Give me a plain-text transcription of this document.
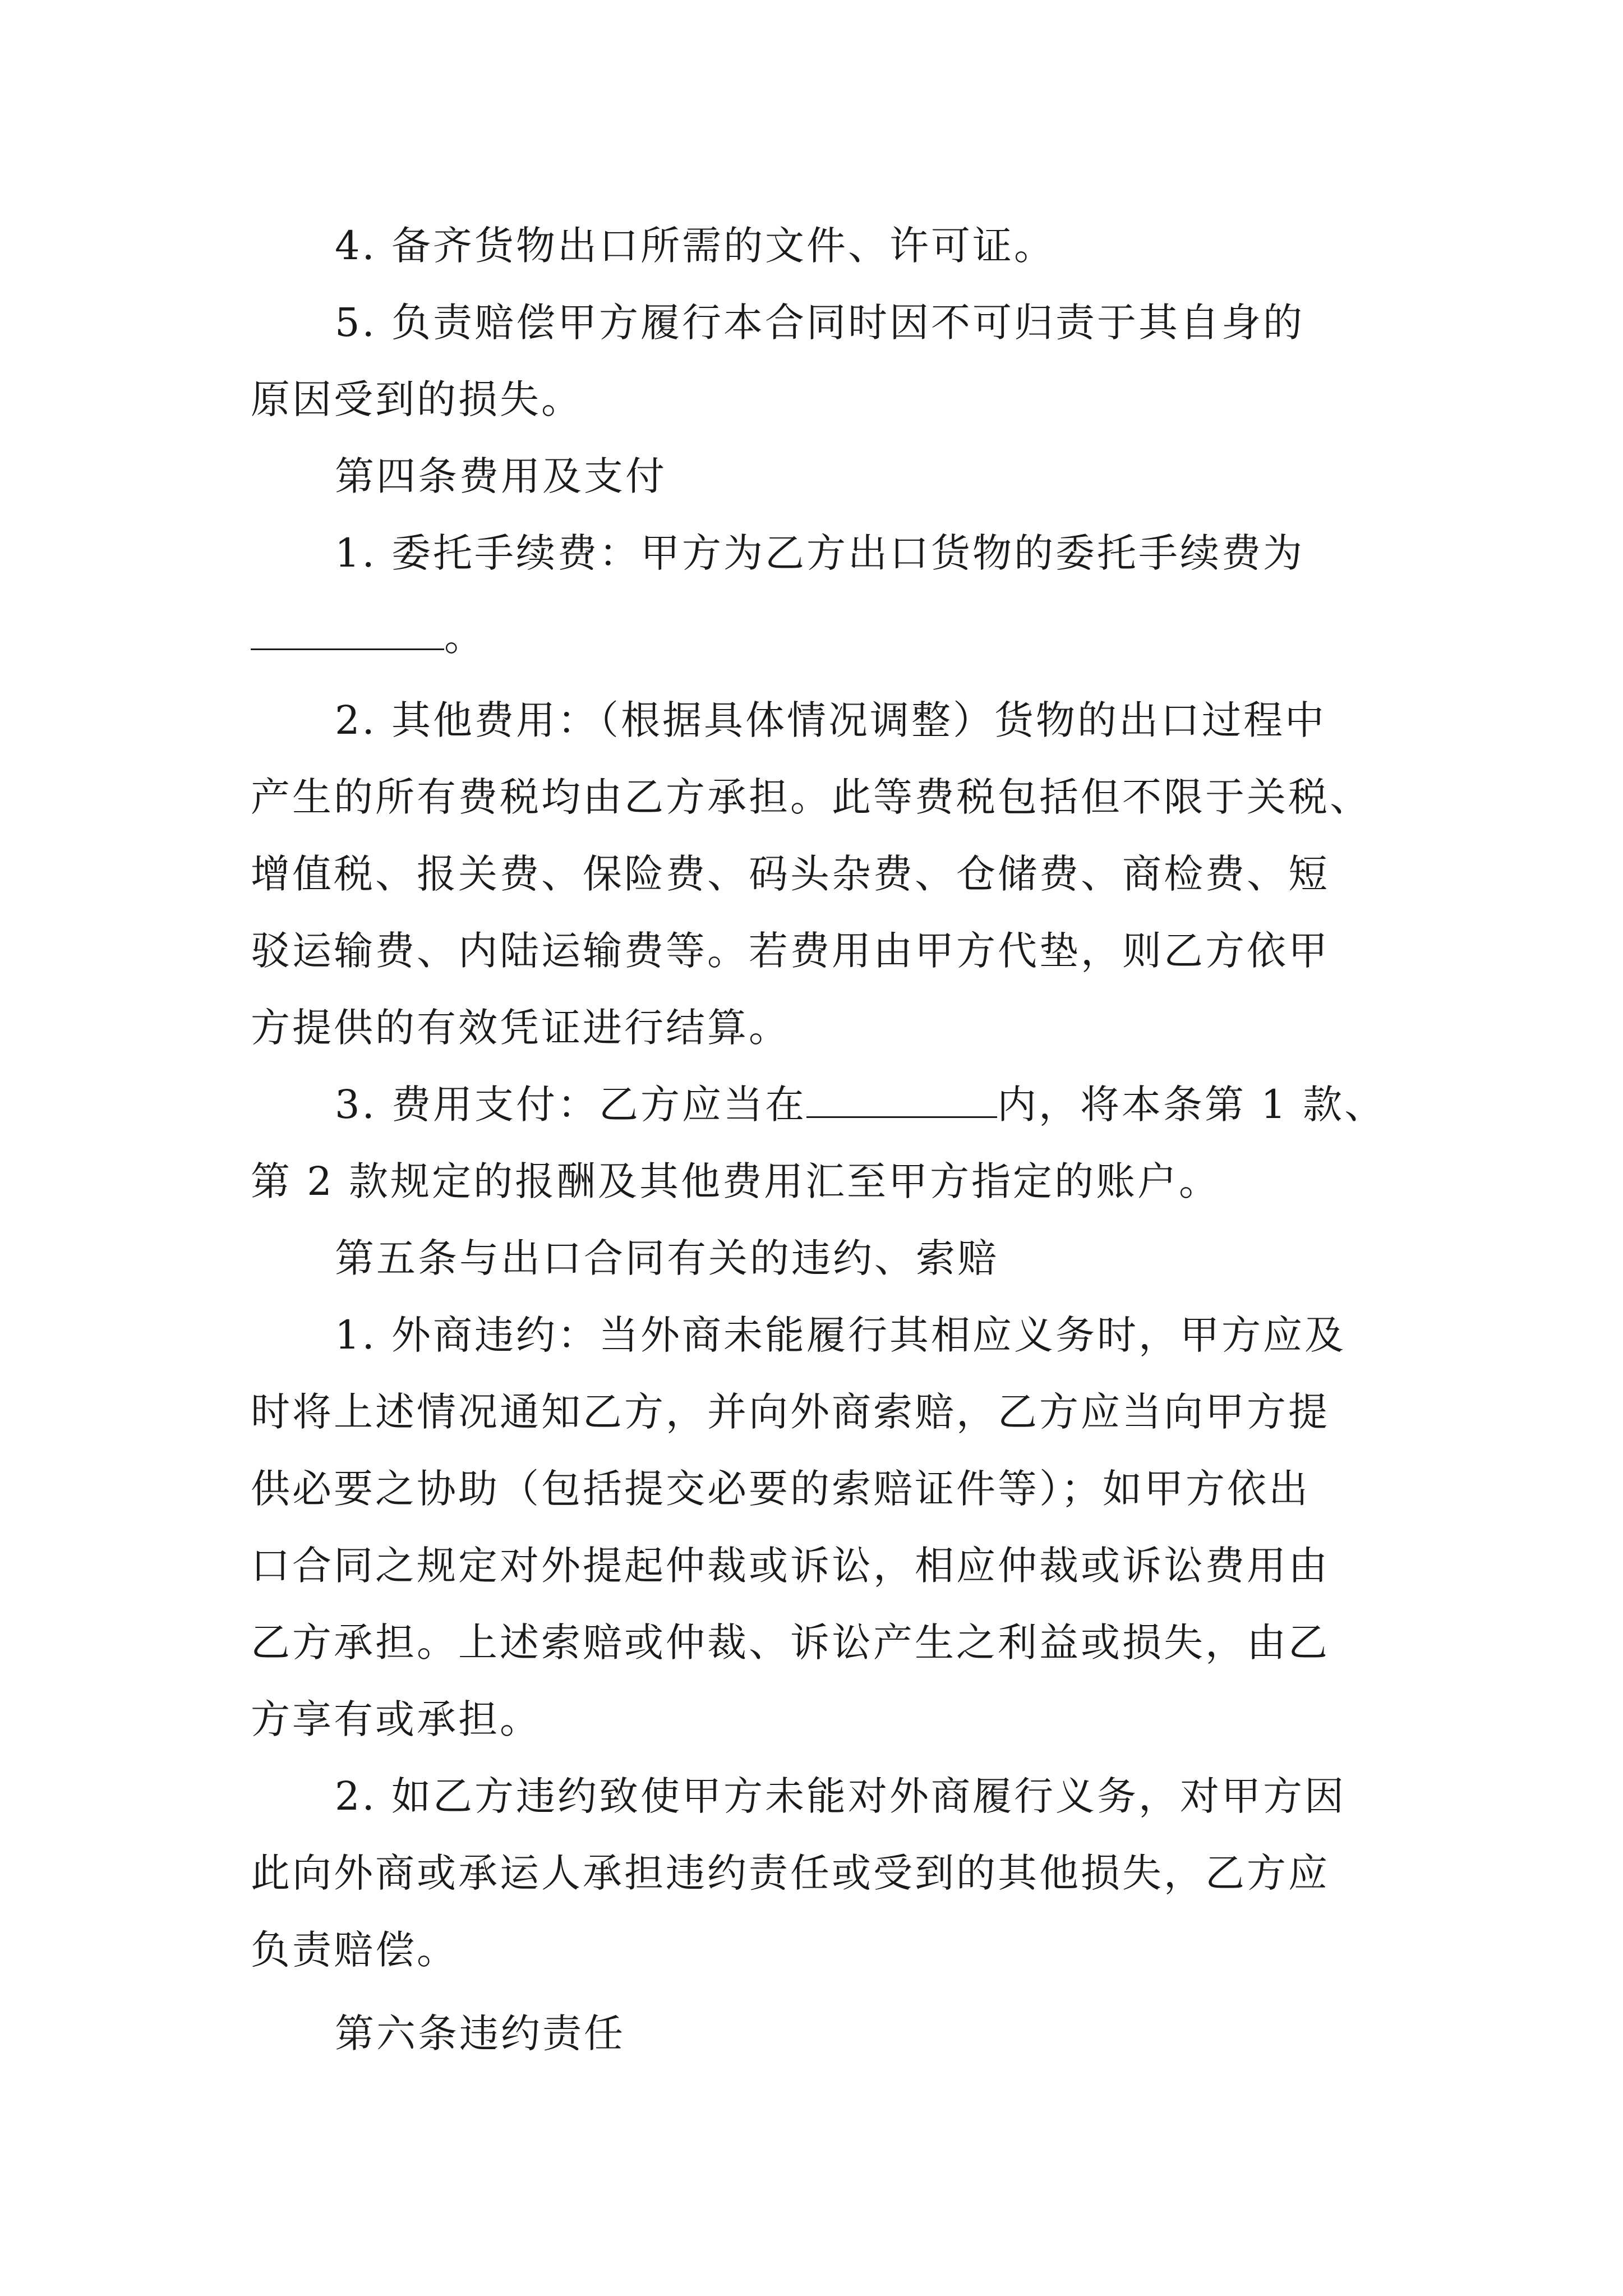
4. 备齐货物出口所需的文件、许可证。

5. 负责赔偿甲方履行本合同时因不可归责于其自身的

原因受到的损失。

第四条费用及支付

1. 委托手续费：甲方为乙方出口货物的委托手续费为

。

2. 其他费用：（根据具体情况调整）货物的出口过程中

产生的所有费税均由乙方承担。此等费税包括但不限于关税、

增值税、报关费、保险费、码头杂费、仓储费、商检费、短

驳运输费、内陆运输费等。若费用由甲方代垫，则乙方依甲

方提供的有效凭证进行结算。

3. 费用支付：乙方应当在	内，将本条第 1 款、

第 2 款规定的报酬及其他费用汇至甲方指定的账户。

第五条与出口合同有关的违约、索赔

1. 外商违约：当外商未能履行其相应义务时，甲方应及

时将上述情况通知乙方，并向外商索赔，乙方应当向甲方提

供必要之协助（包括提交必要的索赔证件等）；如甲方依出

口合同之规定对外提起仲裁或诉讼，相应仲裁或诉讼费用由

乙方承担。上述索赔或仲裁、诉讼产生之利益或损失，由乙

方享有或承担。

2. 如乙方违约致使甲方未能对外商履行义务，对甲方因

此向外商或承运人承担违约责任或受到的其他损失，乙方应

负责赔偿。

第六条违约责任
